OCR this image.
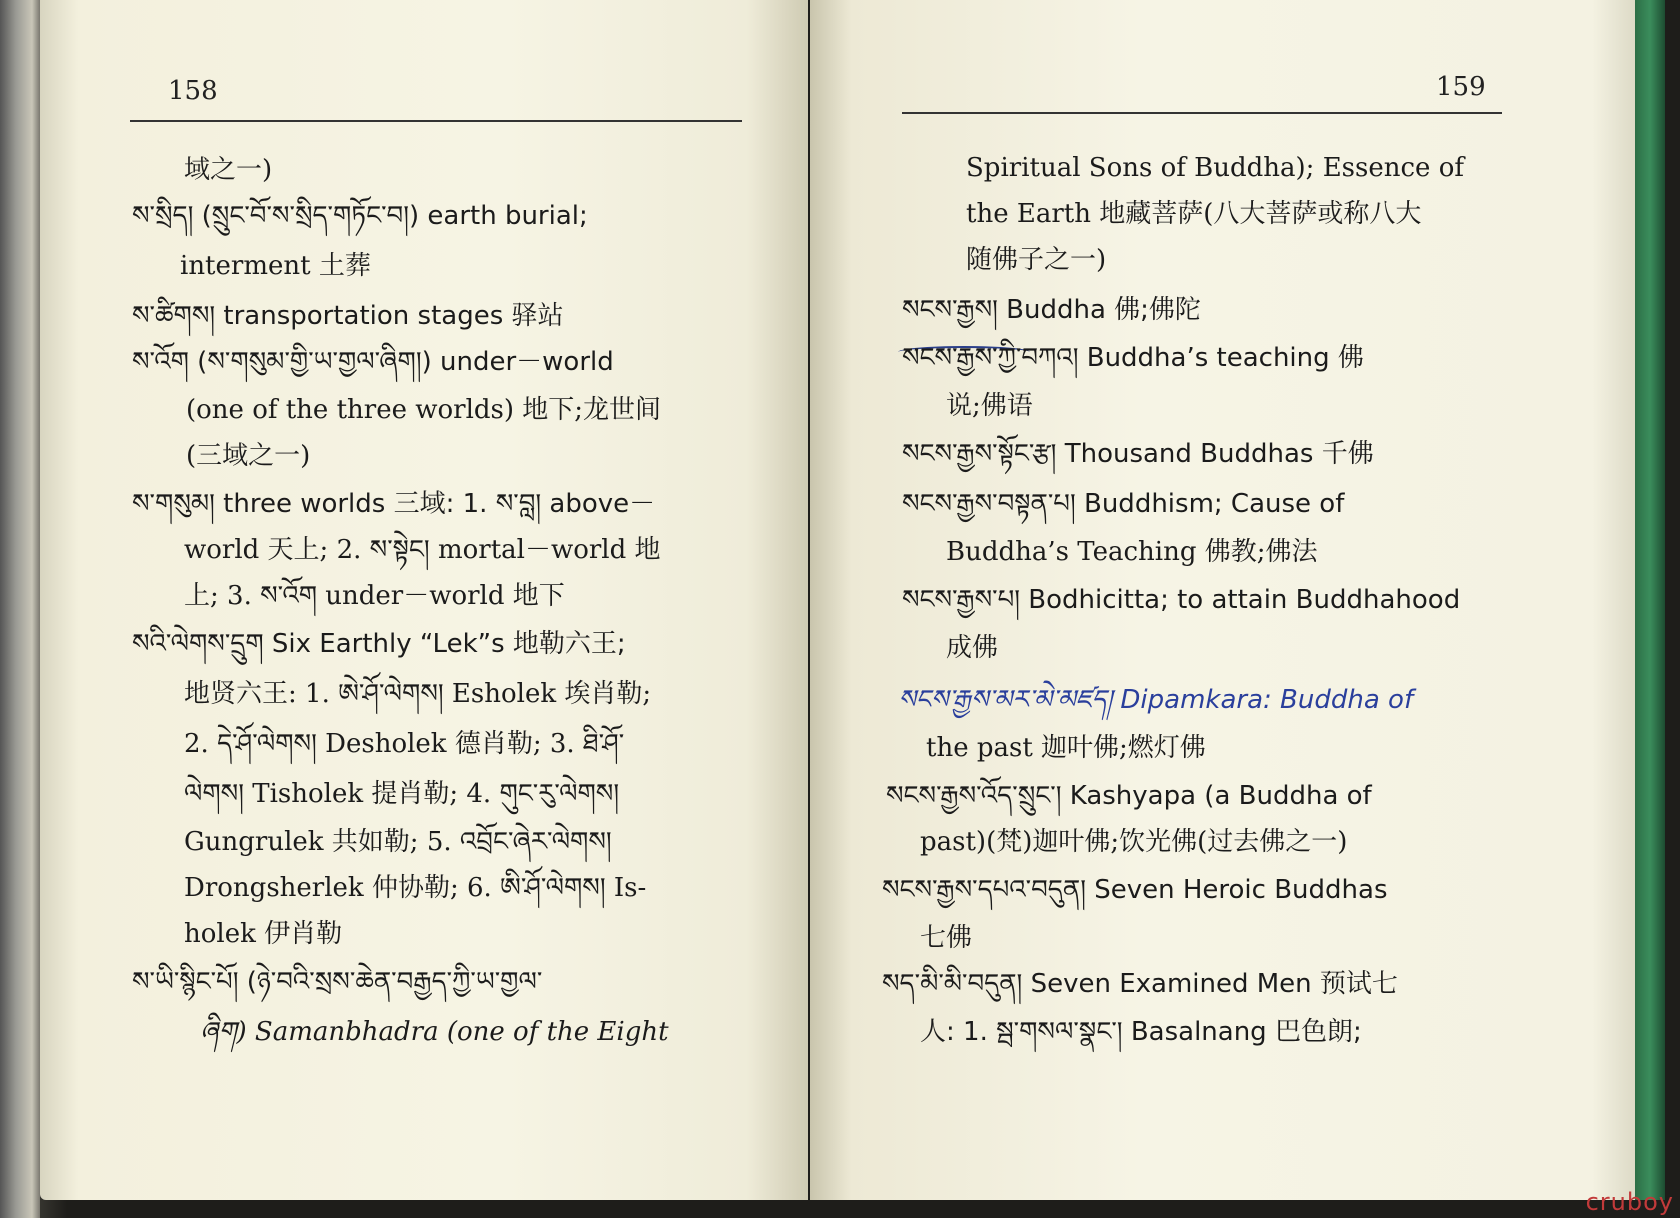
158
域之一)
ས་སྲིད། (སྲུང་བོ་ས་སྲིད་གཏོང་བ།) earth burial;
interment 土葬
ས་ཚིགས། transportation stages 驿站
ས་འོག (ས་གསུམ་གྱི་ཡ་གྱལ་ཞིག།) under－world
(one of the three worlds) 地下;龙世间
(三域之一)
ས་གསུམ། three worlds 三域: 1. ས་བླ། above－
world 天上; 2. ས་སྟེང། mortal－world 地
上; 3. ས་འོག under－world 地下
སའི་ལེགས་དྲུག Six Earthly “Lek”s 地勒六王;
地贤六王: 1. ཨེ་ཤོ་ལེགས། Esholek 埃肖勒;
2. དེ་ཤོ་ལེགས། Desholek 德肖勒; 3. ཐི་ཤོ་
ལེགས། Tisholek 提肖勒; 4. གུང་རུ་ལེགས།
Gungrulek 共如勒; 5. འབྲོང་ཞེར་ལེགས།
Drongsherlek 仲协勒; 6. ཨི་ཤོ་ལེགས། Is-
holek 伊肖勒
ས་ཡི་སྙིང་པོ། (ཉེ་བའི་སྲས་ཆེན་བརྒྱད་ཀྱི་ཡ་གྱལ་
ཞིག) Samanbhadra (one of the Eight
159
Spiritual Sons of Buddha); Essence of
the Earth 地藏菩萨(八大菩萨或称八大
随佛子之一)
སངས་རྒྱས། Buddha 佛;佛陀
སངས་རྒྱས་ཀྱི་བཀའ། Buddha’s teaching 佛
说;佛语
སངས་རྒྱས་སྟོང་རྩ། Thousand Buddhas 千佛
སངས་རྒྱས་བསྟན་པ། Buddhism; Cause of
Buddha’s Teaching 佛教;佛法
སངས་རྒྱས་པ། Bodhicitta; to attain Buddhahood
成佛
སངས་རྒྱས་མར་མེ་མཛད། Dipamkara: Buddha of
the past 迦叶佛;燃灯佛
སངས་རྒྱས་འོད་སྲུང་། Kashyapa (a Buddha of
past)(梵)迦叶佛;饮光佛(过去佛之一)
སངས་རྒྱས་དཔའ་བདུན། Seven Heroic Buddhas
七佛
སད་མི་མི་བདུན། Seven Examined Men 预试七
人: 1. སྦ་གསལ་སྣང་། Basalnang 巴色朗;
cruboy
